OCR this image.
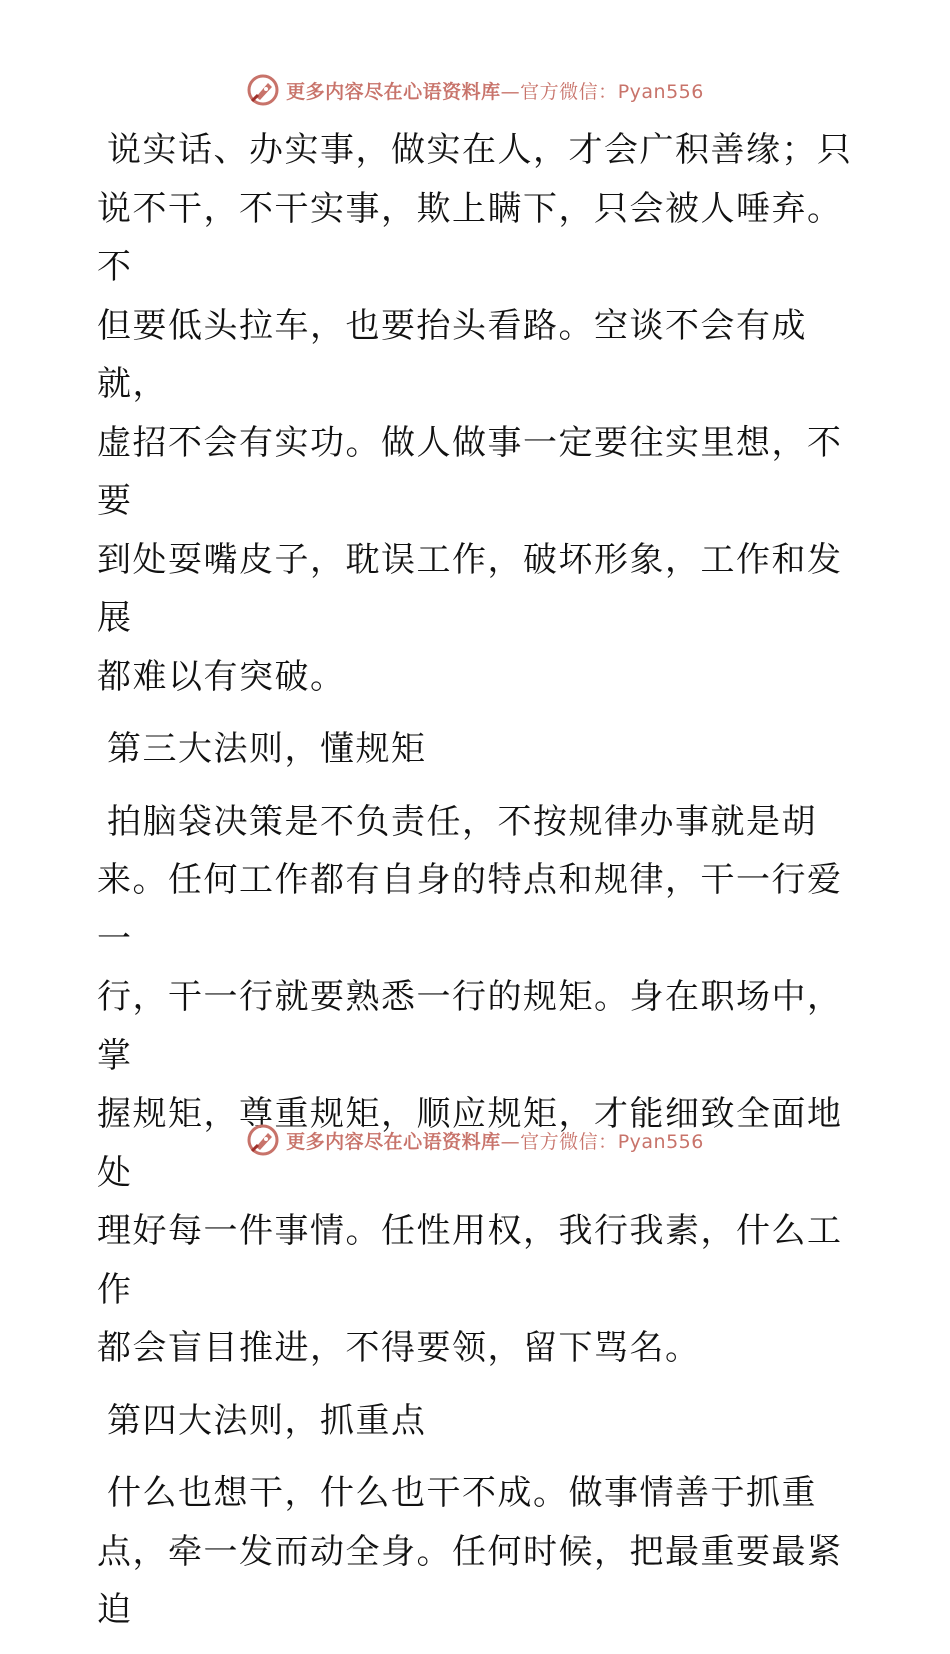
更多内容尽在心语资料库—官方微信：Pyan556
说实话、办实事，做实在人，才会广积善缘；只
说不干，不干实事，欺上瞒下，只会被人唾弃。不
但要低头拉车，也要抬头看路。空谈不会有成就，
虚招不会有实功。做人做事一定要往实里想，不要
到处耍嘴皮子，耽误工作，破坏形象，工作和发展
都难以有突破。
第三大法则，懂规矩
拍脑袋决策是不负责任，不按规律办事就是胡
来。任何工作都有自身的特点和规律，干一行爱一
行，干一行就要熟悉一行的规矩。身在职场中，掌
握规矩，尊重规矩，顺应规矩，才能细致全面地处
理好每一件事情。任性用权，我行我素，什么工作
都会盲目推进，不得要领，留下骂名。
第四大法则，抓重点
什么也想干，什么也干不成。做事情善于抓重
点，牵一发而动全身。任何时候，把最重要最紧迫
更多内容尽在心语资料库—官方微信：Pyan556
